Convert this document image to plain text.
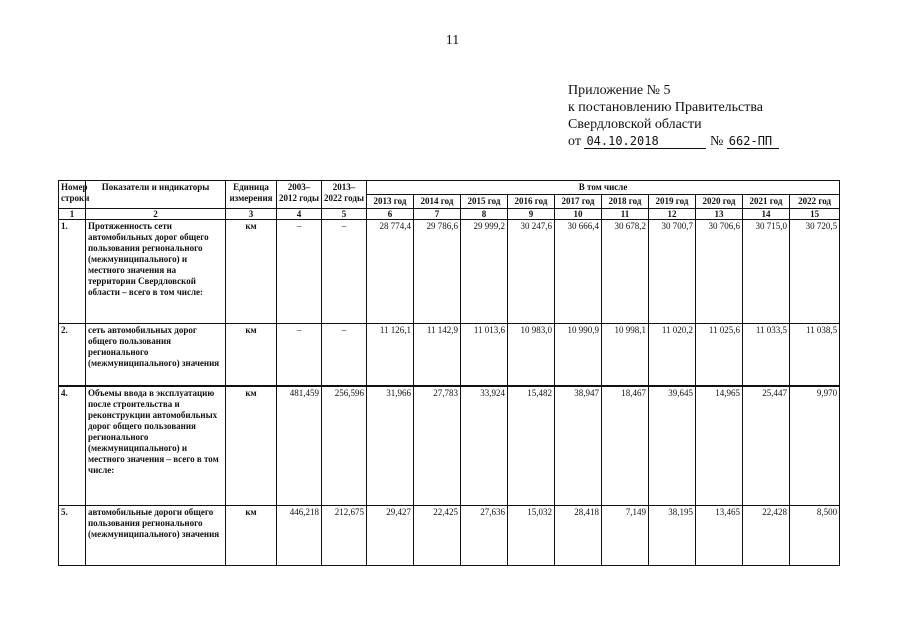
11
Приложение № 5
к постановлению Правительства
Свердловской области
от 04.10.2018	№ 662-ПП
Номер строки	Показатели и индикаторы	Единица измерения	2003– 2012 годы	2013– 2022 годы	В том числе									
					2013 год	2014 год	2015 год	2016 год	2017 год	2018 год	2019 год	2020 год	2021 год	2022 год
1	2	3	4	5	6	7	8	9	10	11	12	13	14	15
1.	Протяженность сети автомобильных дорог общего пользования регионального (межмуниципального) и местного значения на территории Свердловской области – всего в том числе:	км	–	–	28 774,4	29 786,6	29 999,2	30 247,6	30 666,4	30 678,2	30 700,7	30 706,6	30 715,0	30 720,5
2.	сеть автомобильных дорог общего пользования регионального (межмуниципального) значения	км	–	–	11 126,1	11 142,9	11 013,6	10 983,0	10 990,9	10 998,1	11 020,2	11 025,6	11 033,5	11 038,5
4.	Объемы ввода в эксплуатацию после строительства и реконструкции автомобильных дорог общего пользования регионального (межмуниципального) и местного значения – всего в том числе:	км	481,459	256,596	31,966	27,783	33,924	15,482	38,947	18,467	39,645	14,965	25,447	9,970
5.	автомобильные дороги общего пользования регионального (межмуниципального) значения	км	446,218	212,675	29,427	22,425	27,636	15,032	28,418	7,149	38,195	13,465	22,428	8,500
